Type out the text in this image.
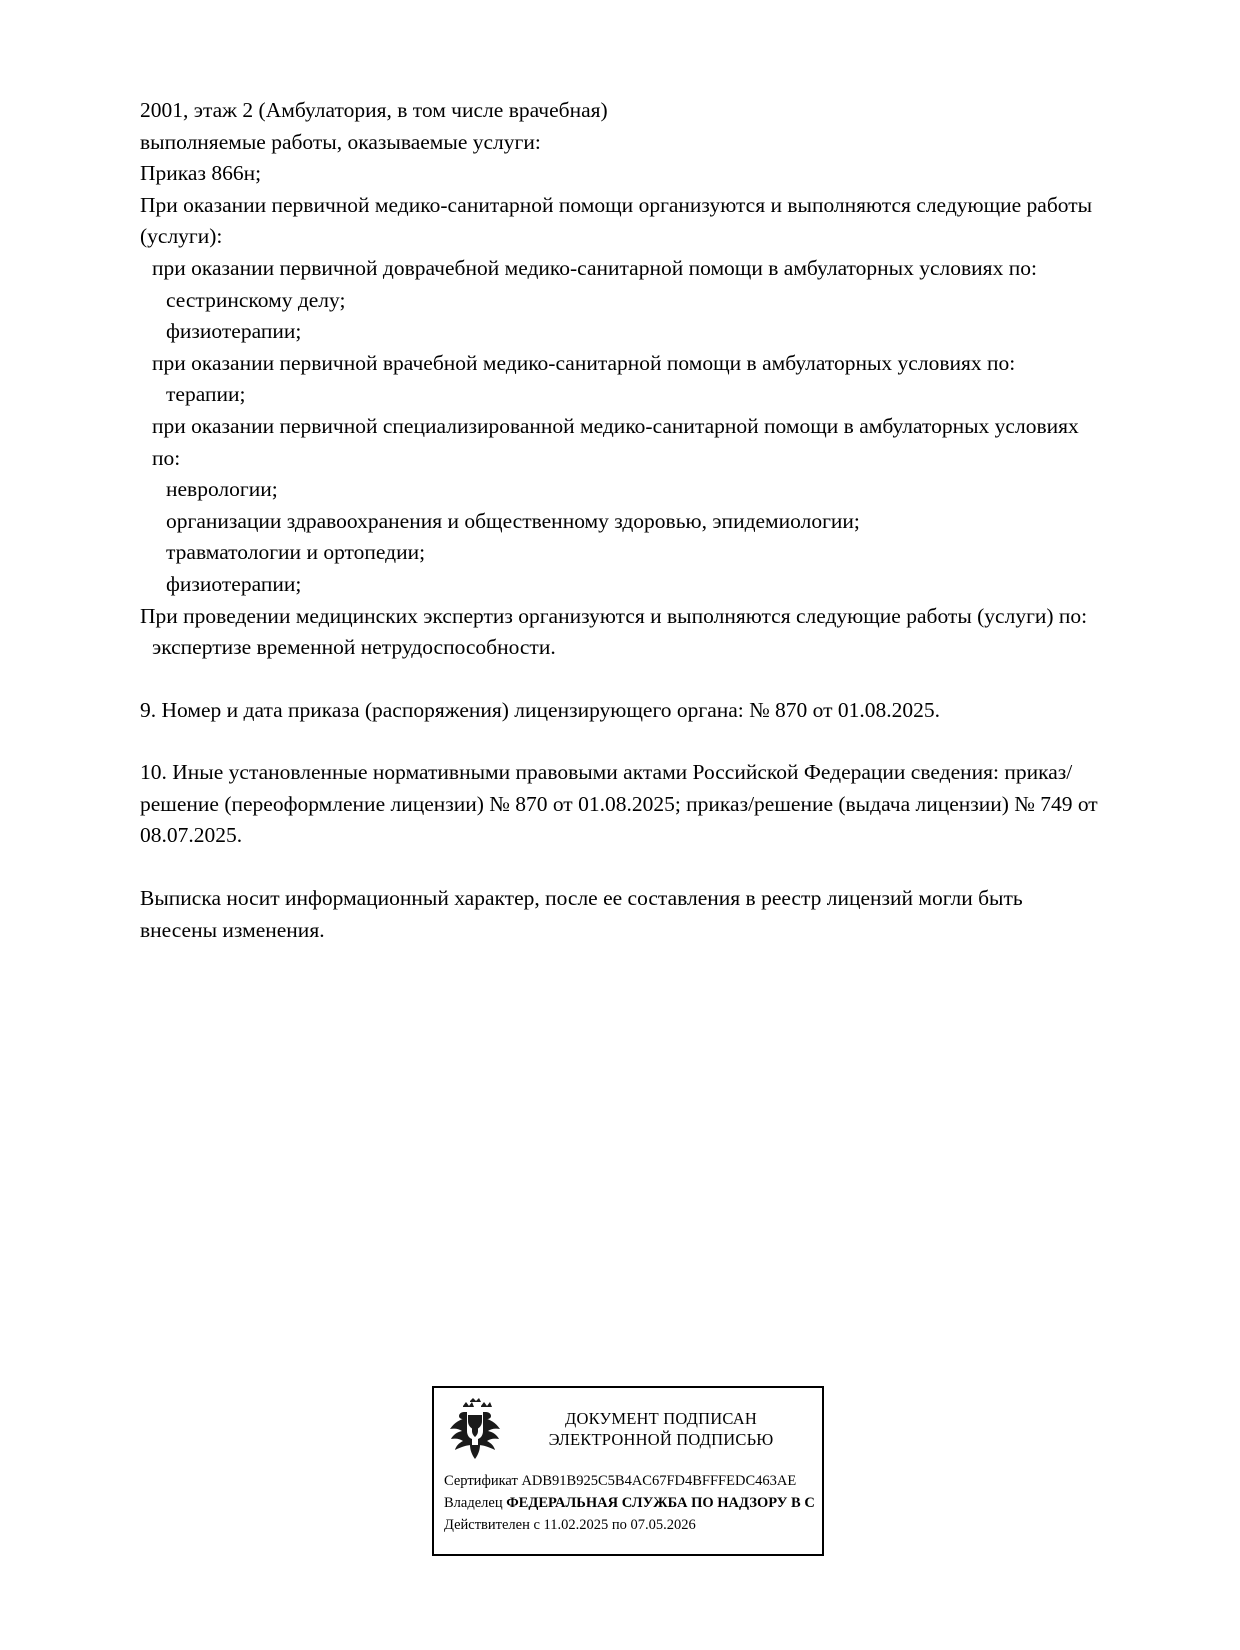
2001, этаж 2 (Амбулатория, в том числе врачебная)
выполняемые работы, оказываемые услуги:
Приказ 866н;
При оказании первичной медико-санитарной помощи организуются и выполняются следующие работы (услуги):
при оказании первичной доврачебной медико-санитарной помощи в амбулаторных условиях по:
сестринскому делу;
физиотерапии;
при оказании первичной врачебной медико-санитарной помощи в амбулаторных условиях по:
терапии;
при оказании первичной специализированной медико-санитарной помощи в амбулаторных условиях по:
неврологии;
организации здравоохранения и общественному здоровью, эпидемиологии;
травматологии и ортопедии;
физиотерапии;
При проведении медицинских экспертиз организуются и выполняются следующие работы (услуги) по:
экспертизе временной нетрудоспособности.
9. Номер и дата приказа (распоряжения) лицензирующего органа: № 870 от 01.08.2025.
10. Иные установленные нормативными правовыми актами Российской Федерации сведения: приказ/решение (переоформление лицензии) № 870 от 01.08.2025; приказ/решение (выдача лицензии) № 749 от 08.07.2025.
Выписка носит информационный характер, после ее составления в реестр лицензий могли быть внесены изменения.
ДОКУМЕНТ ПОДПИСАН
ЭЛЕКТРОННОЙ ПОДПИСЬЮ
Сертификат ADB91B925C5B4AC67FD4BFFFEDC463AE
Владелец ФЕДЕРАЛЬНАЯ СЛУЖБА ПО НАДЗОРУ В С
Действителен с 11.02.2025 по 07.05.2026
